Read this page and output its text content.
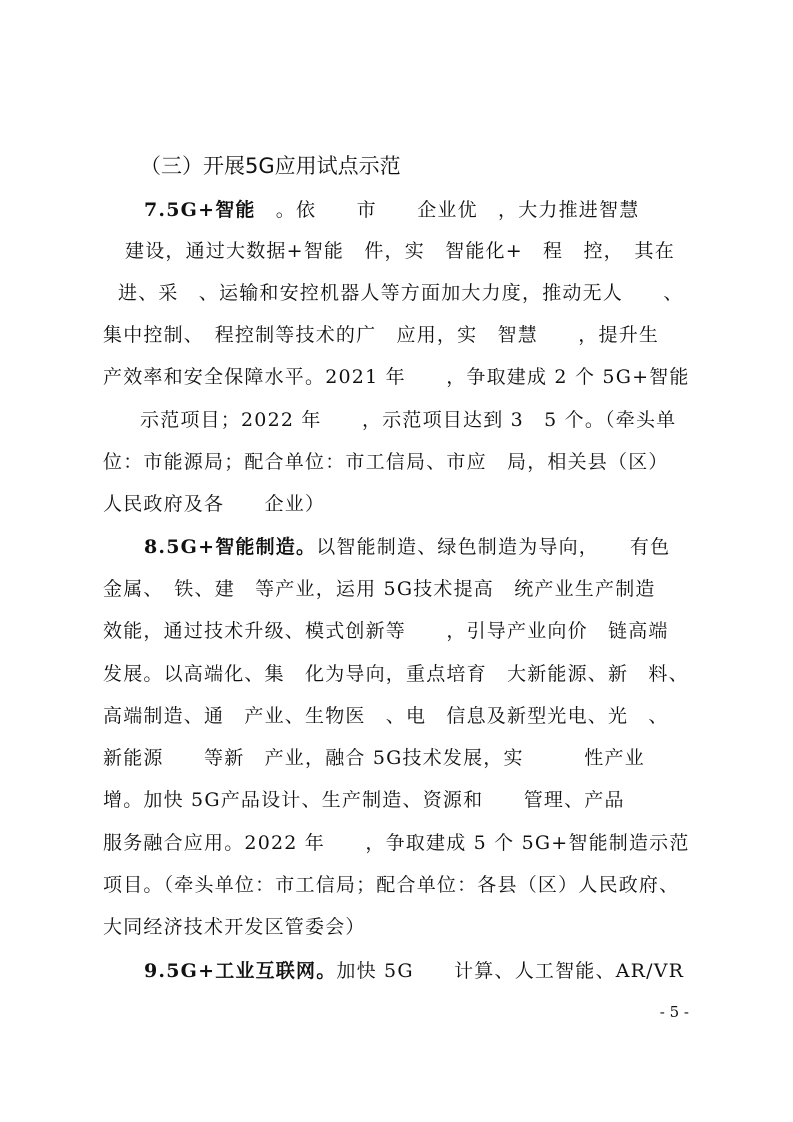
（三）开展5G应用试点示范
7.5G+智能　。依　　市　　企业优　，大力推进智慧
建设，通过大数据+智能　件，实　智能化+　程　控，　其在
进、采　、运输和安控机器人等方面加大力度，推动无人　　、
集中控制、　程控制等技术的广　应用，实　智慧　　，提升生
产效率和安全保障水平。2021 年　　，争取建成 2 个 5G+智能
示范项目；2022 年　　，示范项目达到 3　5 个。（牵头单
位：市能源局；配合单位：市工信局、市应　局，相关县（区）
人民政府及各　　企业）
8.5G+智能制造。以智能制造、绿色制造为导向，　　有色
金属、　铁、建　等产业，运用 5G技术提高　统产业生产制造
效能，通过技术升级、模式创新等　　，引导产业向价　链高端
发展。以高端化、集　化为导向，重点培育　大新能源、新　料、
高端制造、通　产业、生物医　、电　信息及新型光电、光　、
新能源　　等新　产业，融合 5G技术发展，实　　　性产业
增。加快 5G产品设计、生产制造、资源和　　管理、产品
服务融合应用。2022 年　　，争取建成 5 个 5G+智能制造示范
项目。（牵头单位：市工信局；配合单位：各县（区）人民政府、
大同经济技术开发区管委会）
9.5G+工业互联网。加快 5G　　计算、人工智能、AR/VR
- 5 -
